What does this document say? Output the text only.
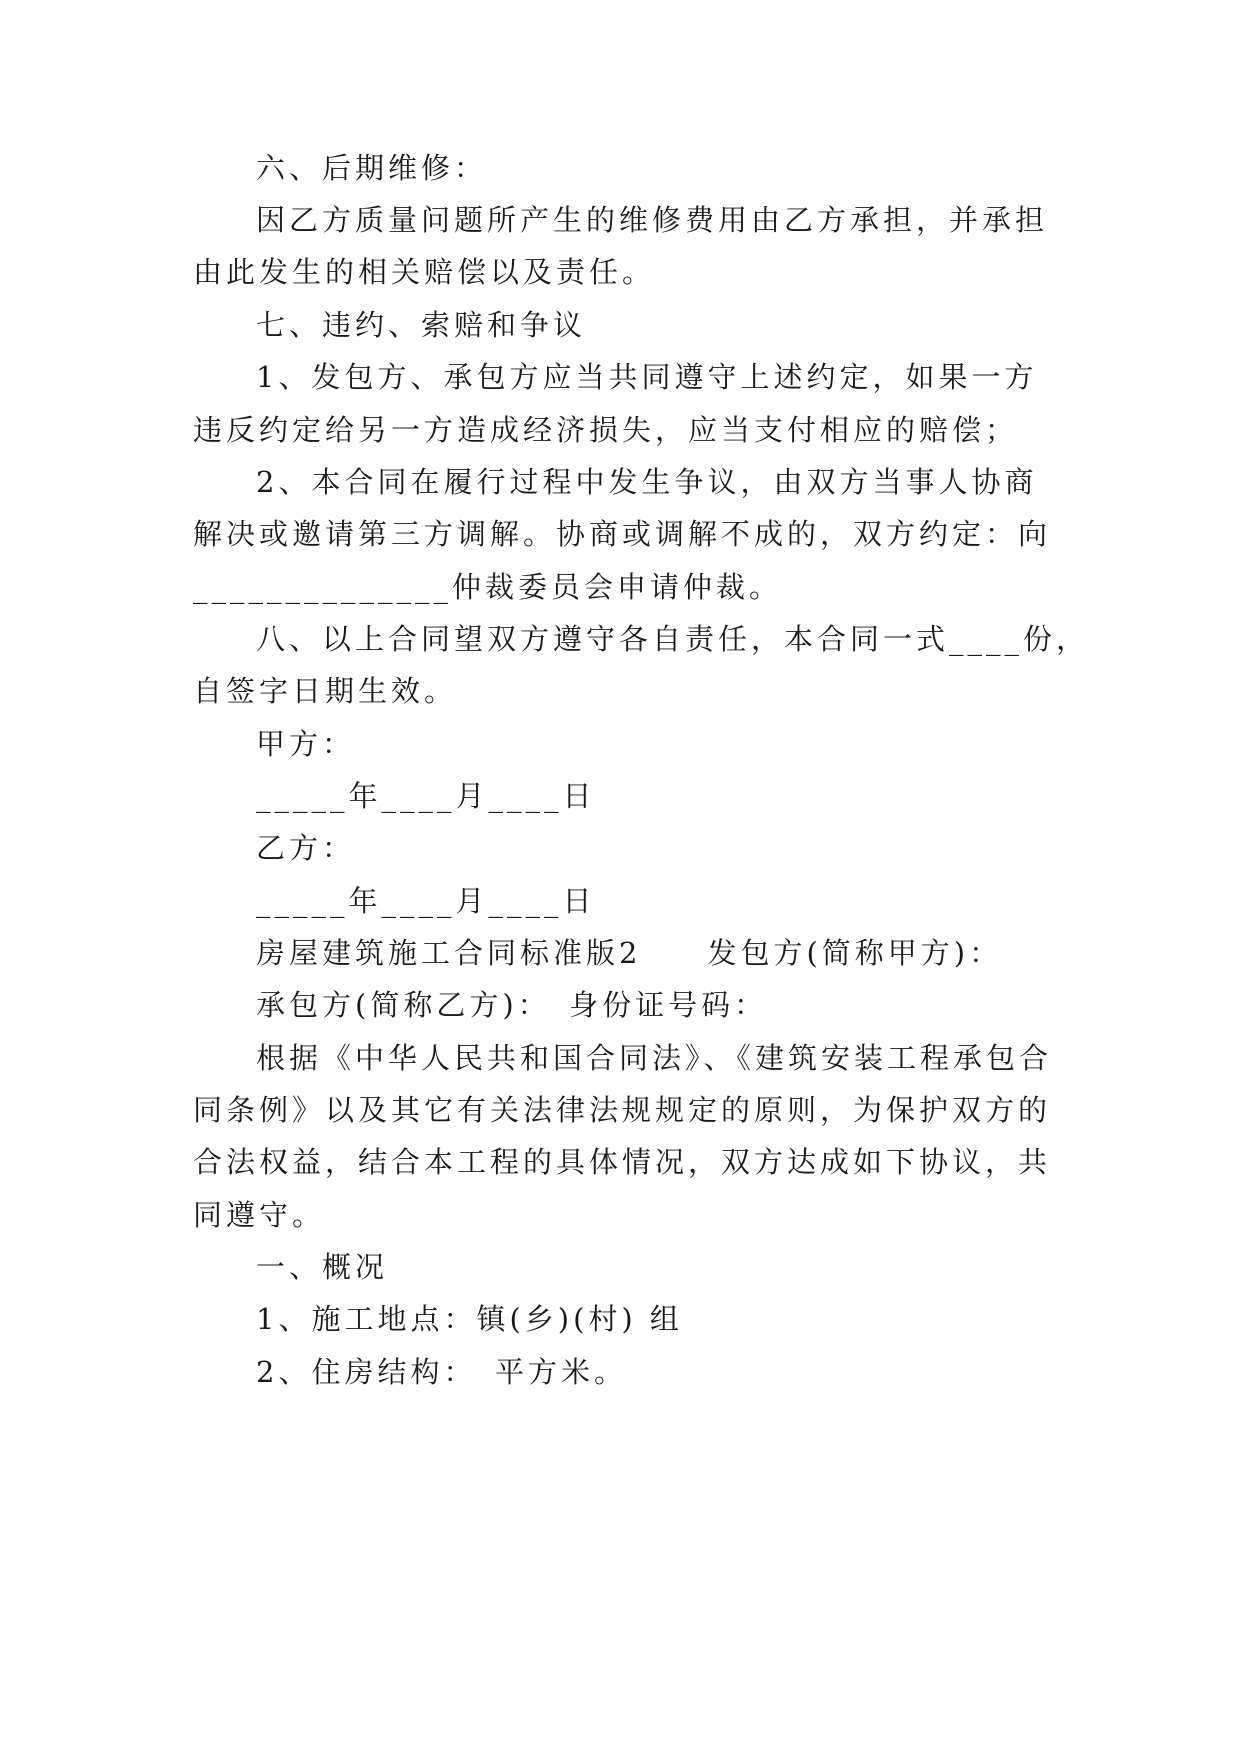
六、后期维修：
因乙方质量问题所产生的维修费用由乙方承担，并承担
由此发生的相关赔偿以及责任。
七、违约、索赔和争议
1、发包方、承包方应当共同遵守上述约定，如果一方
违反约定给另一方造成经济损失，应当支付相应的赔偿；
2、本合同在履行过程中发生争议，由双方当事人协商
解决或邀请第三方调解。协商或调解不成的，双方约定：向
______________仲裁委员会申请仲裁。
八、以上合同望双方遵守各自责任，本合同一式____份，
自签字日期生效。
甲方：
_____年____月____日
乙方：
_____年____月____日
房屋建筑施工合同标准版2　　发包方(简称甲方)：
承包方(简称乙方)：　身份证号码：
根据《中华人民共和国合同法》、《建筑安装工程承包合
同条例》以及其它有关法律法规规定的原则，为保护双方的
合法权益，结合本工程的具体情况，双方达成如下协议，共
同遵守。
一、概况
1、施工地点：镇(乡)(村) 组
2、住房结构：　平方米。
